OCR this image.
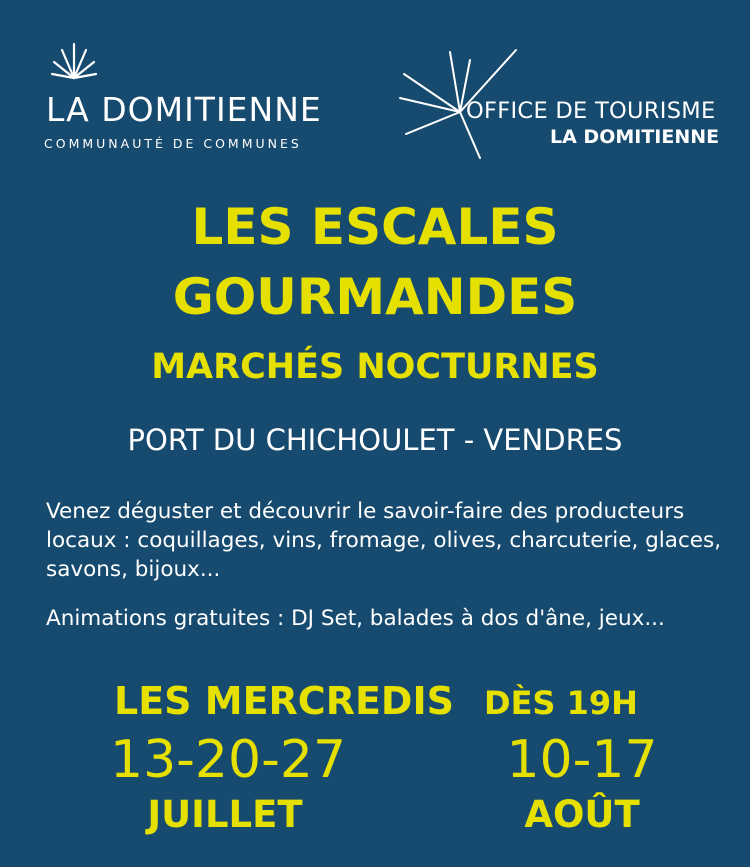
LA DOMITIENNE
COMMUNAUTÉ DE COMMUNES
OFFICE DE TOURISME
LA DOMITIENNE
LES ESCALES
GOURMANDES
MARCHÉS NOCTURNES
PORT DU CHICHOULET - VENDRES
Venez déguster et découvrir le savoir-faire des producteurs locaux : coquillages, vins, fromage, olives, charcuterie, glaces, savons, bijoux...
Animations gratuites : DJ Set, balades à dos d'âne, jeux...
LES MERCREDIS DÈS 19H
13-20-27
JUILLET
10-17
AOÛT
